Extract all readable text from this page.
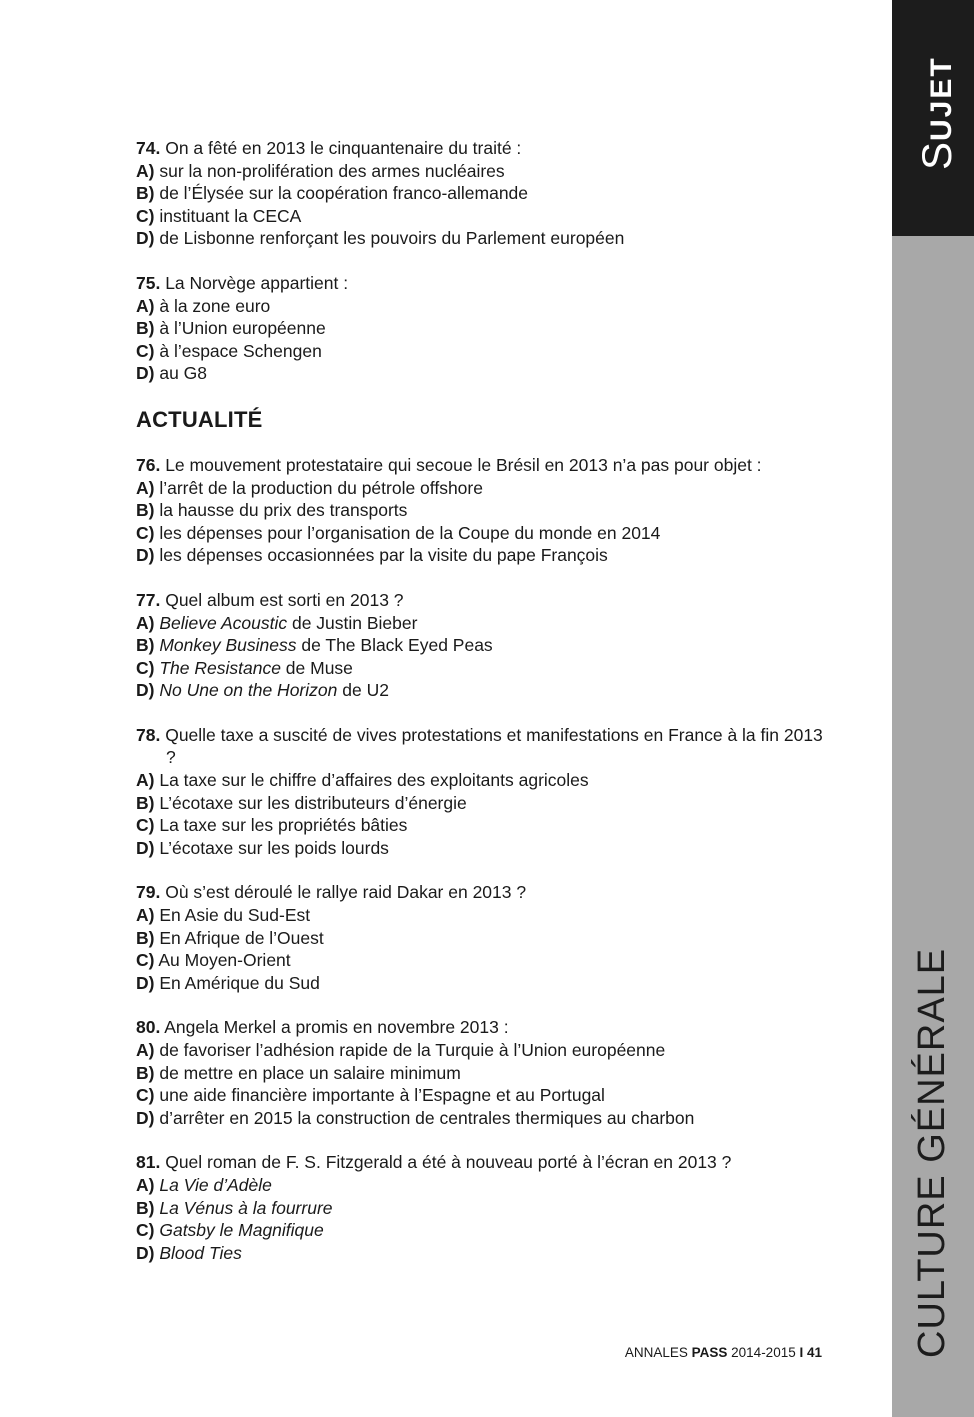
SUJET
CULTURE GÉNÉRALE

74. On a fêté en 2013 le cinquantenaire du traité :

A) sur la non-prolifération des armes nucléaires

B) de l’Élysée sur la coopération franco-allemande

C) instituant la CECA

D) de Lisbonne renforçant les pouvoirs du Parlement européen

75. La Norvège appartient :

A) à la zone euro

B) à l’Union européenne

C) à l’espace Schengen

D) au G8

ACTUALITÉ

76. Le mouvement protestataire qui secoue le Brésil en 2013 n’a pas pour objet :

A) l’arrêt de la production du pétrole offshore

B) la hausse du prix des transports

C) les dépenses pour l’organisation de la Coupe du monde en 2014

D) les dépenses occasionnées par la visite du pape François

77. Quel album est sorti en 2013 ?

A) Believe Acoustic de Justin Bieber

B) Monkey Business de The Black Eyed Peas

C) The Resistance de Muse

D) No Une on the Horizon de U2

78. Quelle taxe a suscité de vives protestations et manifestations en France à la fin 2013 ?

A) La taxe sur le chiffre d’affaires des exploitants agricoles

B) L’écotaxe sur les distributeurs d’énergie

C) La taxe sur les propriétés bâties

D) L’écotaxe sur les poids lourds

79. Où s’est déroulé le rallye raid Dakar en 2013 ?

A) En Asie du Sud-Est

B) En Afrique de l’Ouest

C) Au Moyen-Orient

D) En Amérique du Sud

80. Angela Merkel a promis en novembre 2013 :

A) de favoriser l’adhésion rapide de la Turquie à l’Union européenne

B) de mettre en place un salaire minimum

C) une aide financière importante à l’Espagne et au Portugal

D) d’arrêter en 2015 la construction de centrales thermiques au charbon

81. Quel roman de F. S. Fitzgerald a été à nouveau porté à l’écran en 2013 ?

A) La Vie d’Adèle

B) La Vénus à la fourrure

C) Gatsby le Magnifique

D) Blood Ties

ANNALES PASS 2014-2015 I 41
